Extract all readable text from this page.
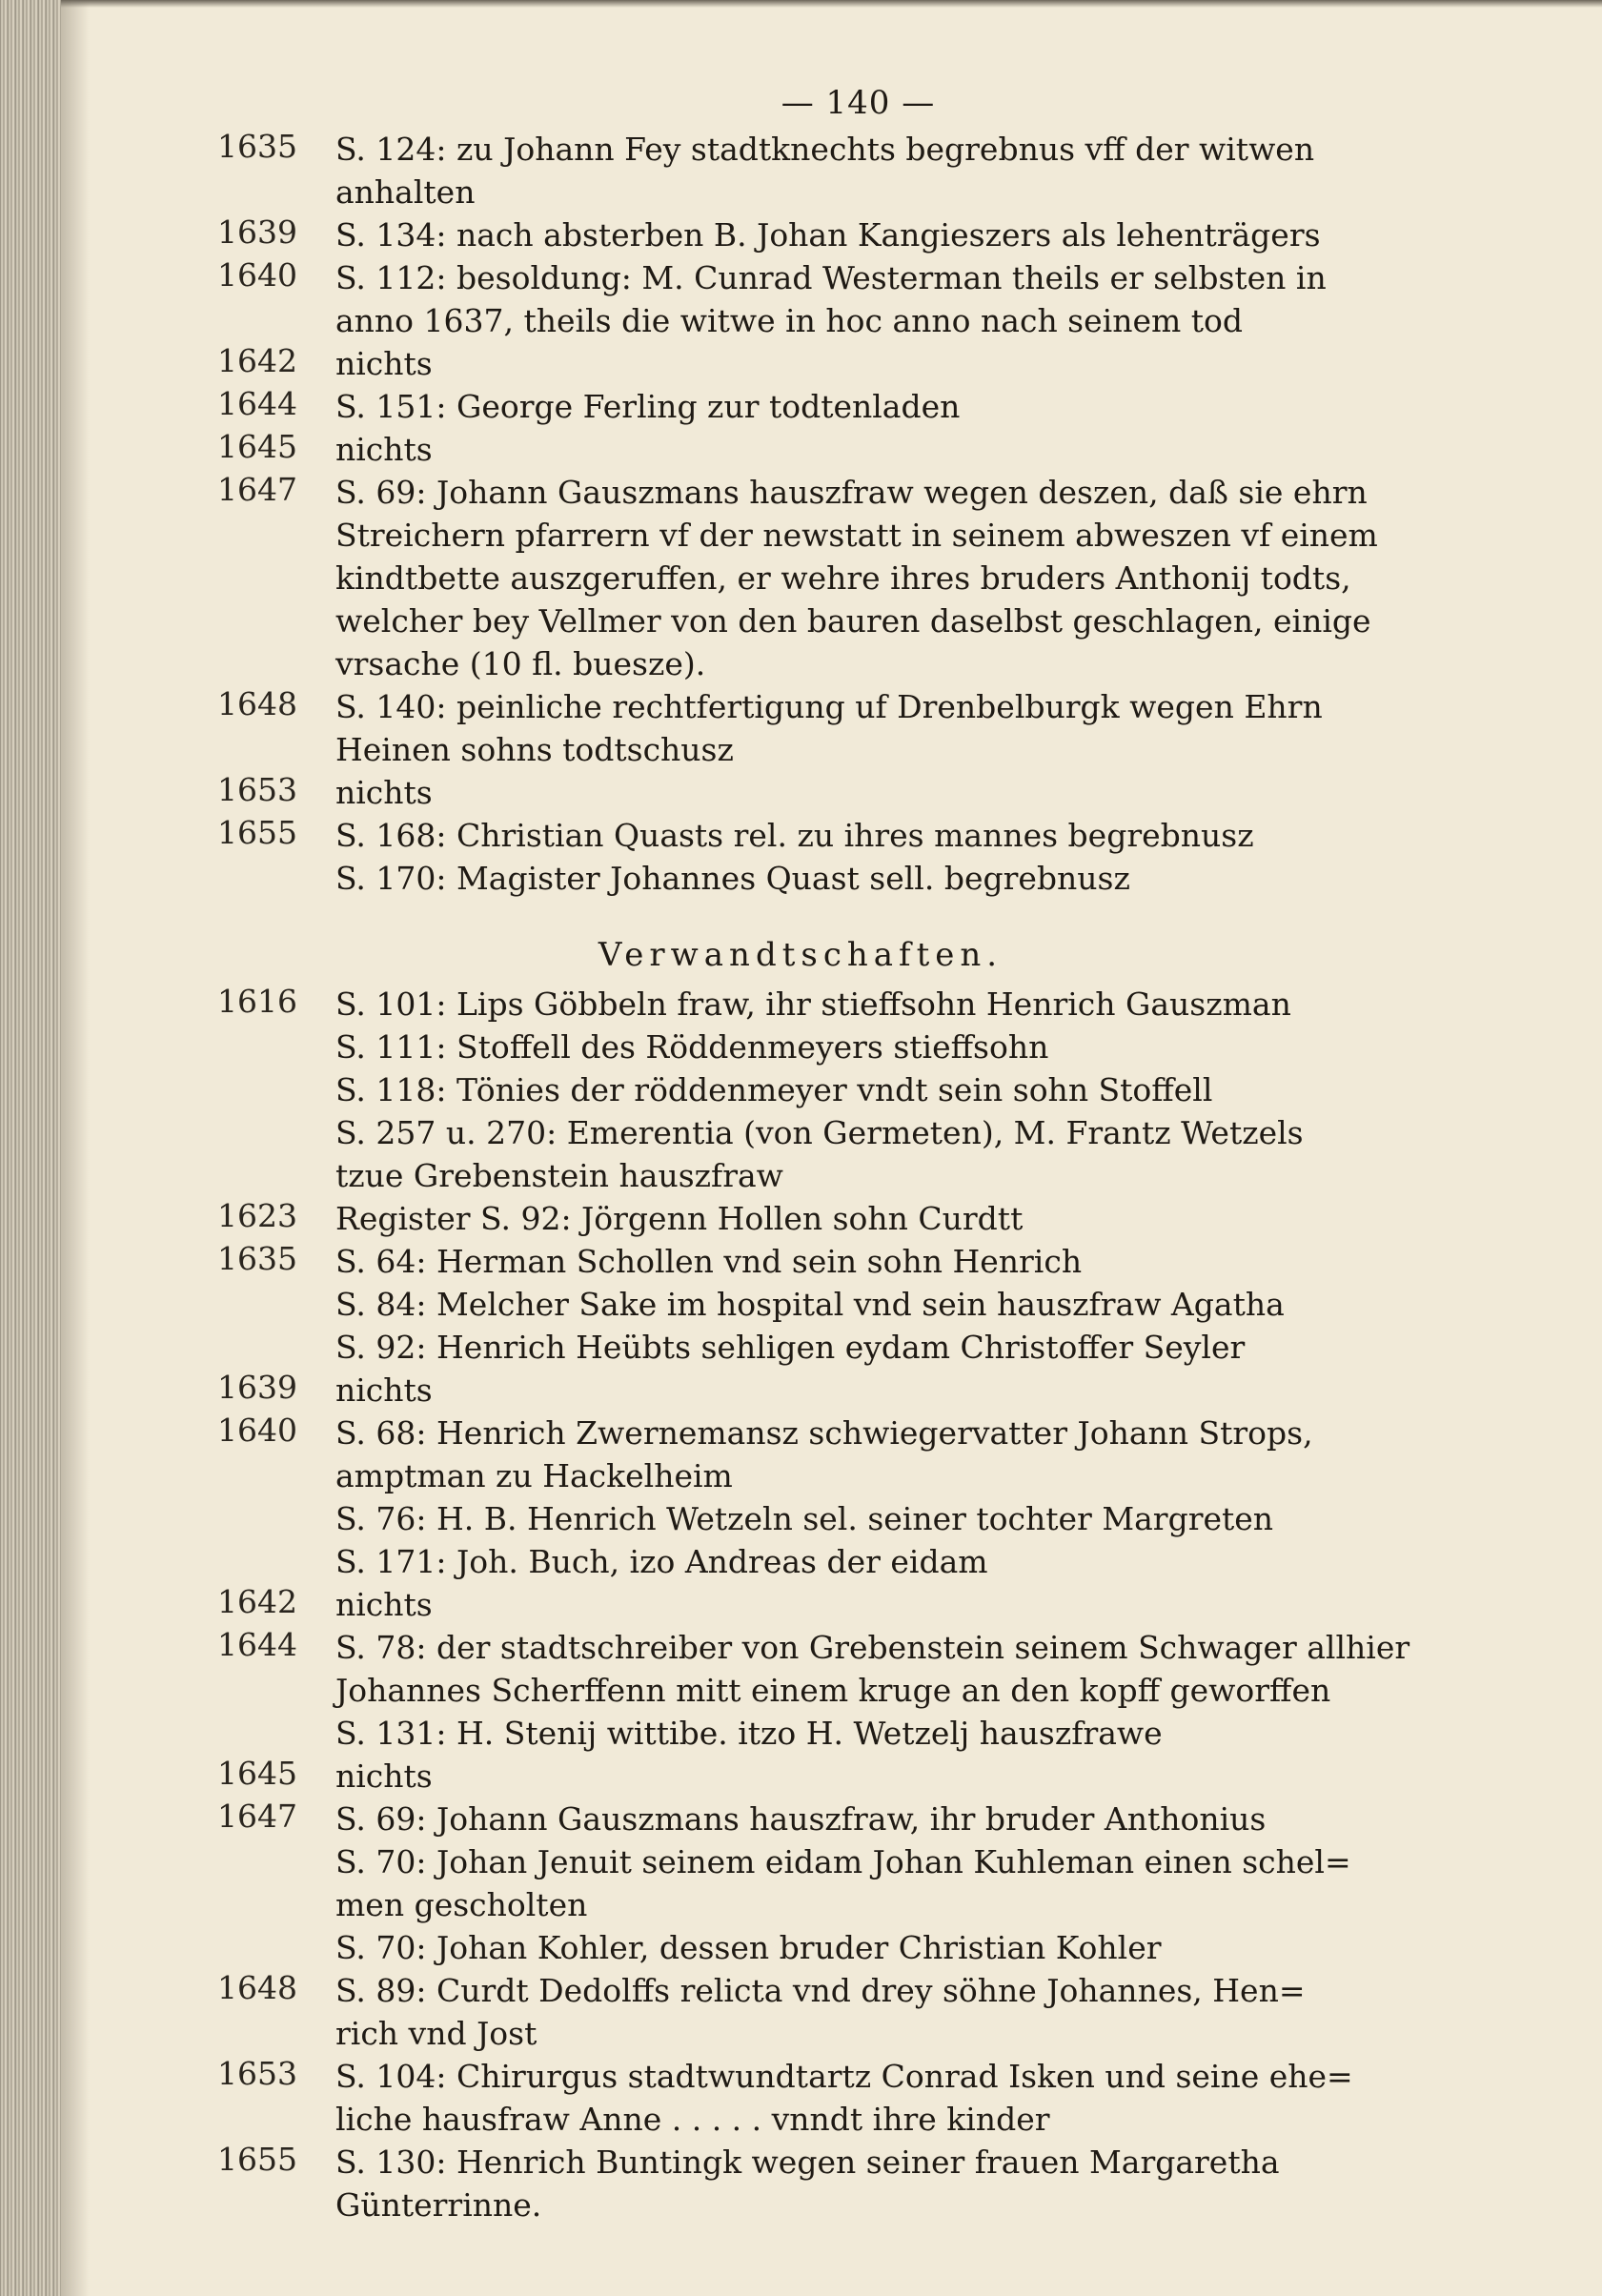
— 140 —
1635 S. 124: zu Johann Fey stadtknechts begrebnus vff der witwen
anhalten
1639 S. 134: nach absterben B. Johan Kangieszers als lehenträgers
1640 S. 112: besoldung: M. Cunrad Westerman theils er selbsten in
anno 1637, theils die witwe in hoc anno nach seinem tod
1642 nichts
1644 S. 151: George Ferling zur todtenladen
1645 nichts
1647 S. 69: Johann Gauszmans hauszfraw wegen deszen, daß sie ehrn
Streichern pfarrern vf der newstatt in seinem abweszen vf einem
kindtbette auszgeruffen, er wehre ihres bruders Anthonij todts,
welcher bey Vellmer von den bauren daselbst geschlagen, einige
vrsache (10 fl. bueszе).
1648 S. 140: peinliche rechtfertigung uf Drenbelburgk wegen Ehrn
Heinen sohns todtschusz
1653 nichts
1655 S. 168: Christian Quasts rel. zu ihres mannes begrebnusz
S. 170: Magister Johannes Quast sell. begrebnusz
Verwandtschaften.
1616 S. 101: Lips Göbbeln fraw, ihr stieffsohn Henrich Gauszman
S. 111: Stoffell des Röddenmeyers stieffsohn
S. 118: Tönies der röddenmeyer vndt sein sohn Stoffell
S. 257 u. 270: Emerentia (von Germeten), M. Frantz Wetzels
tzue Grebenstein hauszfraw
1623 Register S. 92: Jörgenn Hollen sohn Curdtt
1635 S. 64: Herman Schollen vnd sein sohn Henrich
S. 84: Melcher Sake im hospital vnd sein hauszfraw Agatha
S. 92: Henrich Heübts sehligen eydam Christoffer Seyler
1639 nichts
1640 S. 68: Henrich Zwernemansz schwiegervatter Johann Strops,
amptman zu Hackelheim
S. 76: H. B. Henrich Wetzeln sel. seiner tochter Margreten
S. 171: Joh. Buch, izo Andreas der eidam
1642 nichts
1644 S. 78: der stadtschreiber von Grebenstein seinem Schwager allhier
Johannes Scherffenn mitt einem kruge an den kopff geworffen
S. 131: H. Stenij wittibe. itzo H. Wetzelj hauszfrawe
1645 nichts
1647 S. 69: Johann Gauszmans hauszfraw, ihr bruder Anthonius
S. 70: Johan Jenuit seinem eidam Johan Kuhleman einen schel=
men gescholten
S. 70: Johan Kohler, dessen bruder Christian Kohler
1648 S. 89: Curdt Dedolffs relicta vnd drey söhne Johannes, Hen=
rich vnd Jost
1653 S. 104: Chirurgus stadtwundtartz Conrad Isken und seine ehe=
liche hausfraw Anne . . . . . vnndt ihre kinder
1655 S. 130: Henrich Buntingk wegen seiner frauen Margaretha
Günterrinne.
